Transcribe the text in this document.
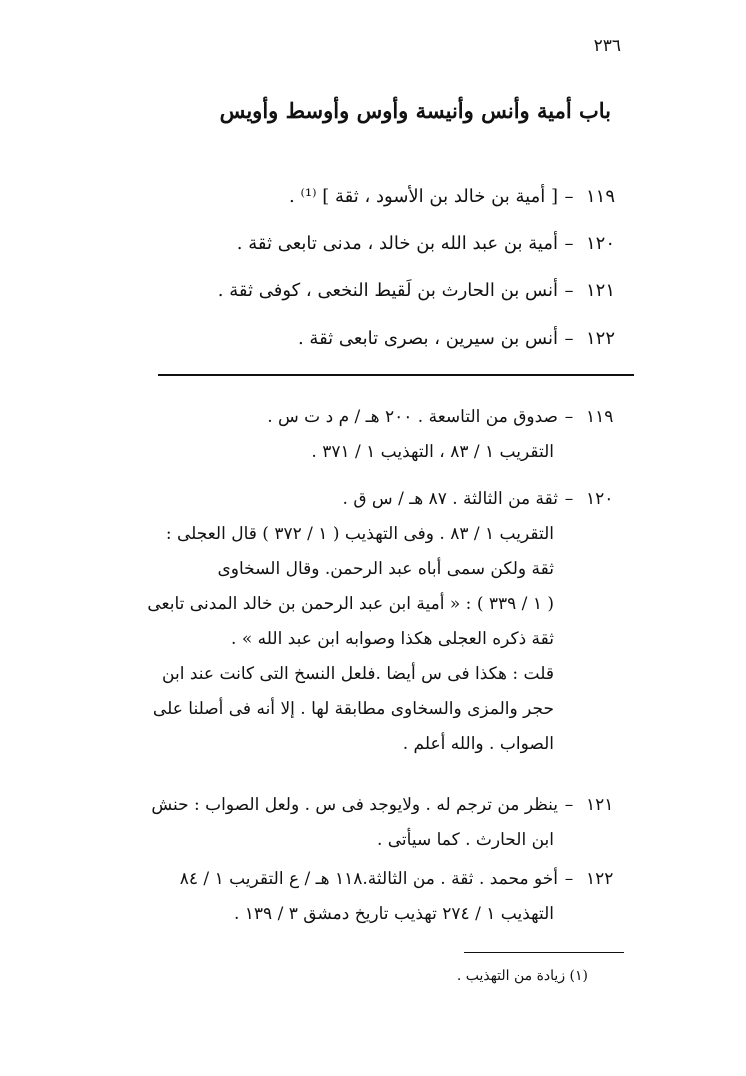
٢٣٦
باب أمية وأنس وأنيسة وأوس وأوسط وأويس
١١٩–[ أمية بن خالد بن الأسود ، ثقة ] ⁽¹⁾ .
١٢٠–أمية بن عبد الله بن خالد ، مدنى تابعى ثقة .
١٢١–أنس بن الحارث بن لَقيط النخعى ، كوفى ثقة .
١٢٢–أنس بن سيرين ، بصرى تابعى ثقة .
١١٩–صدوق من التاسعة . ٢٠٠ هـ / م د ت س .
التقريب ١ / ٨٣ ، التهذيب ١ / ٣٧١ .
١٢٠–ثقة من الثالثة . ٨٧ هـ / س ق .
التقريب ١ / ٨٣ . وفى التهذيب ( ١ / ٣٧٢ ) قال العجلى :
ثقة ولكن سمى أباه عبد الرحمن. وقال السخاوى
( ١ / ٣٣٩ ) : « أمية ابن عبد الرحمن بن خالد المدنى تابعى
ثقة ذكره العجلى هكذا وصوابه ابن عبد الله » .
قلت : هكذا فى س أيضا .فلعل النسخ التى كانت عند ابن
حجر والمزى والسخاوى مطابقة لها . إلا أنه فى أصلنا على
الصواب . والله أعلم .
١٢١–ينظر من ترجم له . ولايوجد فى س . ولعل الصواب : حنش
ابن الحارث . كما سيأتى .
١٢٢–أخو محمد . ثقة . من الثالثة.١١٨ هـ / ع التقريب ١ / ٨٤
التهذيب ١ / ٢٧٤ تهذيب تاريخ دمشق ٣ / ١٣٩ .
(١) زيادة من التهذيب .
